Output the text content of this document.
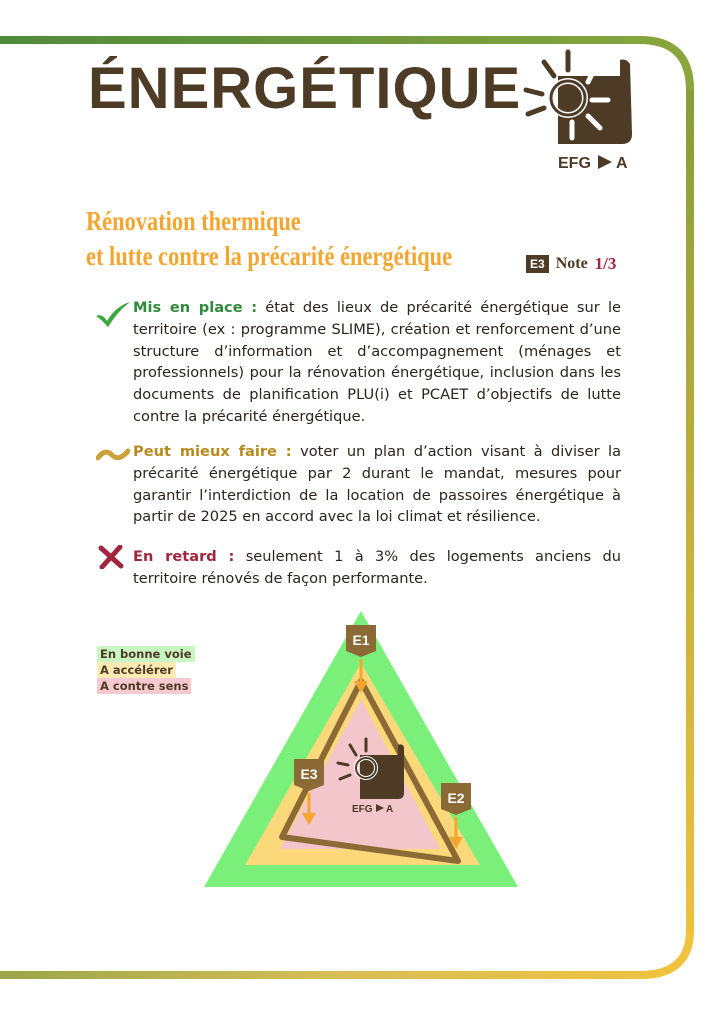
ÉNERGÉTIQUE
EFG A
Rénovation thermique
et lutte contre la précarité énergétique	E3 Note 1/3
Mis en place : état des lieux de précarité énergétique sur le territoire (ex : programme SLIME), création et renforcement d’une structure d’information et d’accompagnement (ménages et professionnels) pour la rénovation énergétique, inclusion dans les documents de planification PLU(i) et PCAET d’objectifs de lutte contre la précarité énergétique.
Peut mieux faire : voter un plan d’action visant à diviser la précarité énergétique par 2 durant le mandat, mesures pour garantir l’interdiction de la location de passoires énergétique à partir de 2025 en accord avec la loi climat et résilience.
En retard : seulement 1 à 3% des logements anciens du territoire rénovés de façon performante.
En bonne voie
A accélérer
A contre sens
EFG A
E1
E3
E2
